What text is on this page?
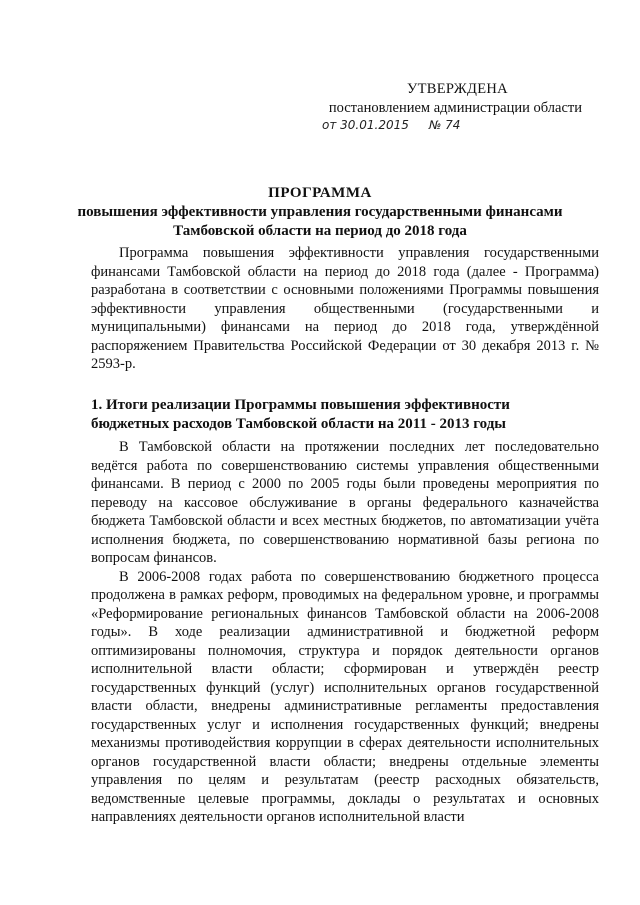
УТВЕРЖДЕНА
постановлением администрации области
от 30.01.2015 № 74
ПРОГРАММА
повышения эффективности управления государственными финансами
Тамбовской области на период до 2018 года

Программа повышения эффективности управления государственными финансами Тамбовской области на период до 2018 года (далее - Программа) разработана в соответствии с основными положениями Программы повышения эффективности управления общественными (государственными и муниципальными) финансами на период до 2018 года, утверждённой распоряжением Правительства Российской Федерации от 30 декабря 2013 г. № 2593-р.

1. Итоги реализации Программы повышения эффективности
бюджетных расходов Тамбовской области на 2011 - 2013 годы

В Тамбовской области на протяжении последних лет последовательно ведётся работа по совершенствованию системы управления общественными финансами. В период с 2000 по 2005 годы были проведены мероприятия по переводу на кассовое обслуживание в органы федерального казначейства бюджета Тамбовской области и всех местных бюджетов, по автоматизации учёта исполнения бюджета, по совершенствованию нормативной базы региона по вопросам финансов.

В 2006-2008 годах работа по совершенствованию бюджетного процесса продолжена в рамках реформ, проводимых на федеральном уровне, и программы «Реформирование региональных финансов Тамбовской области на 2006-2008 годы». В ходе реализации административной и бюджетной реформ оптимизированы полномочия, структура и порядок деятельности органов исполнительной власти области; сформирован и утверждён реестр государственных функций (услуг) исполнительных органов государственной власти области, внедрены административные регламенты предоставления государственных услуг и исполнения государственных функций; внедрены механизмы противодействия коррупции в сферах деятельности исполнительных органов государственной власти области; внедрены отдельные элементы управления по целям и результатам (реестр расходных обязательств, ведомственные целевые программы, доклады о результатах и основных направлениях деятельности органов исполнительной власти
